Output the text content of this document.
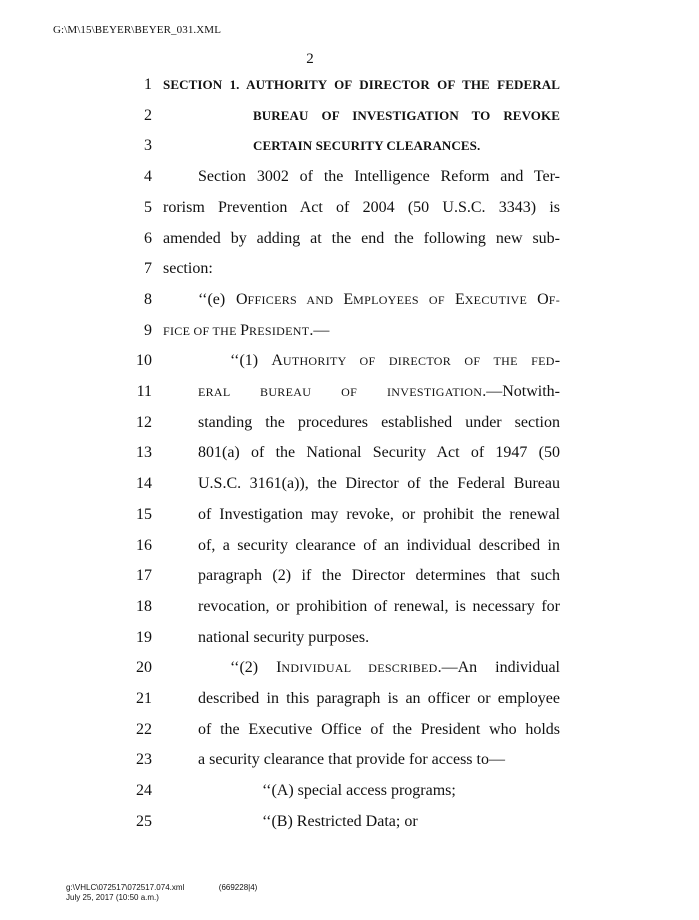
G:\M\15\BEYER\BEYER_031.XML
2
1 SECTION 1. AUTHORITY OF DIRECTOR OF THE FEDERAL
2	BUREAU OF INVESTIGATION TO REVOKE
3	CERTAIN SECURITY CLEARANCES.
4	Section 3002 of the Intelligence Reform and Ter-
5 rorism Prevention Act of 2004 (50 U.S.C. 3343) is
6 amended by adding at the end the following new sub-
7 section:
8	‘‘(e) OFFICERS AND EMPLOYEES OF EXECUTIVE OF-
9 FICE OF THE PRESIDENT.—
10	‘‘(1) AUTHORITY OF DIRECTOR OF THE FED-
11	ERAL BUREAU OF INVESTIGATION.—Notwith-
12	standing the procedures established under section
13	801(a) of the National Security Act of 1947 (50
14	U.S.C. 3161(a)), the Director of the Federal Bureau
15	of Investigation may revoke, or prohibit the renewal
16	of, a security clearance of an individual described in
17	paragraph (2) if the Director determines that such
18	revocation, or prohibition of renewal, is necessary for
19	national security purposes.
20	‘‘(2) INDIVIDUAL DESCRIBED.—An individual
21	described in this paragraph is an officer or employee
22	of the Executive Office of the President who holds
23	a security clearance that provide for access to—
24	‘‘(A) special access programs;
25	‘‘(B) Restricted Data; or
g:\VHLC\072517\072517.074.xml	(669228|4)
July 25, 2017 (10:50 a.m.)
